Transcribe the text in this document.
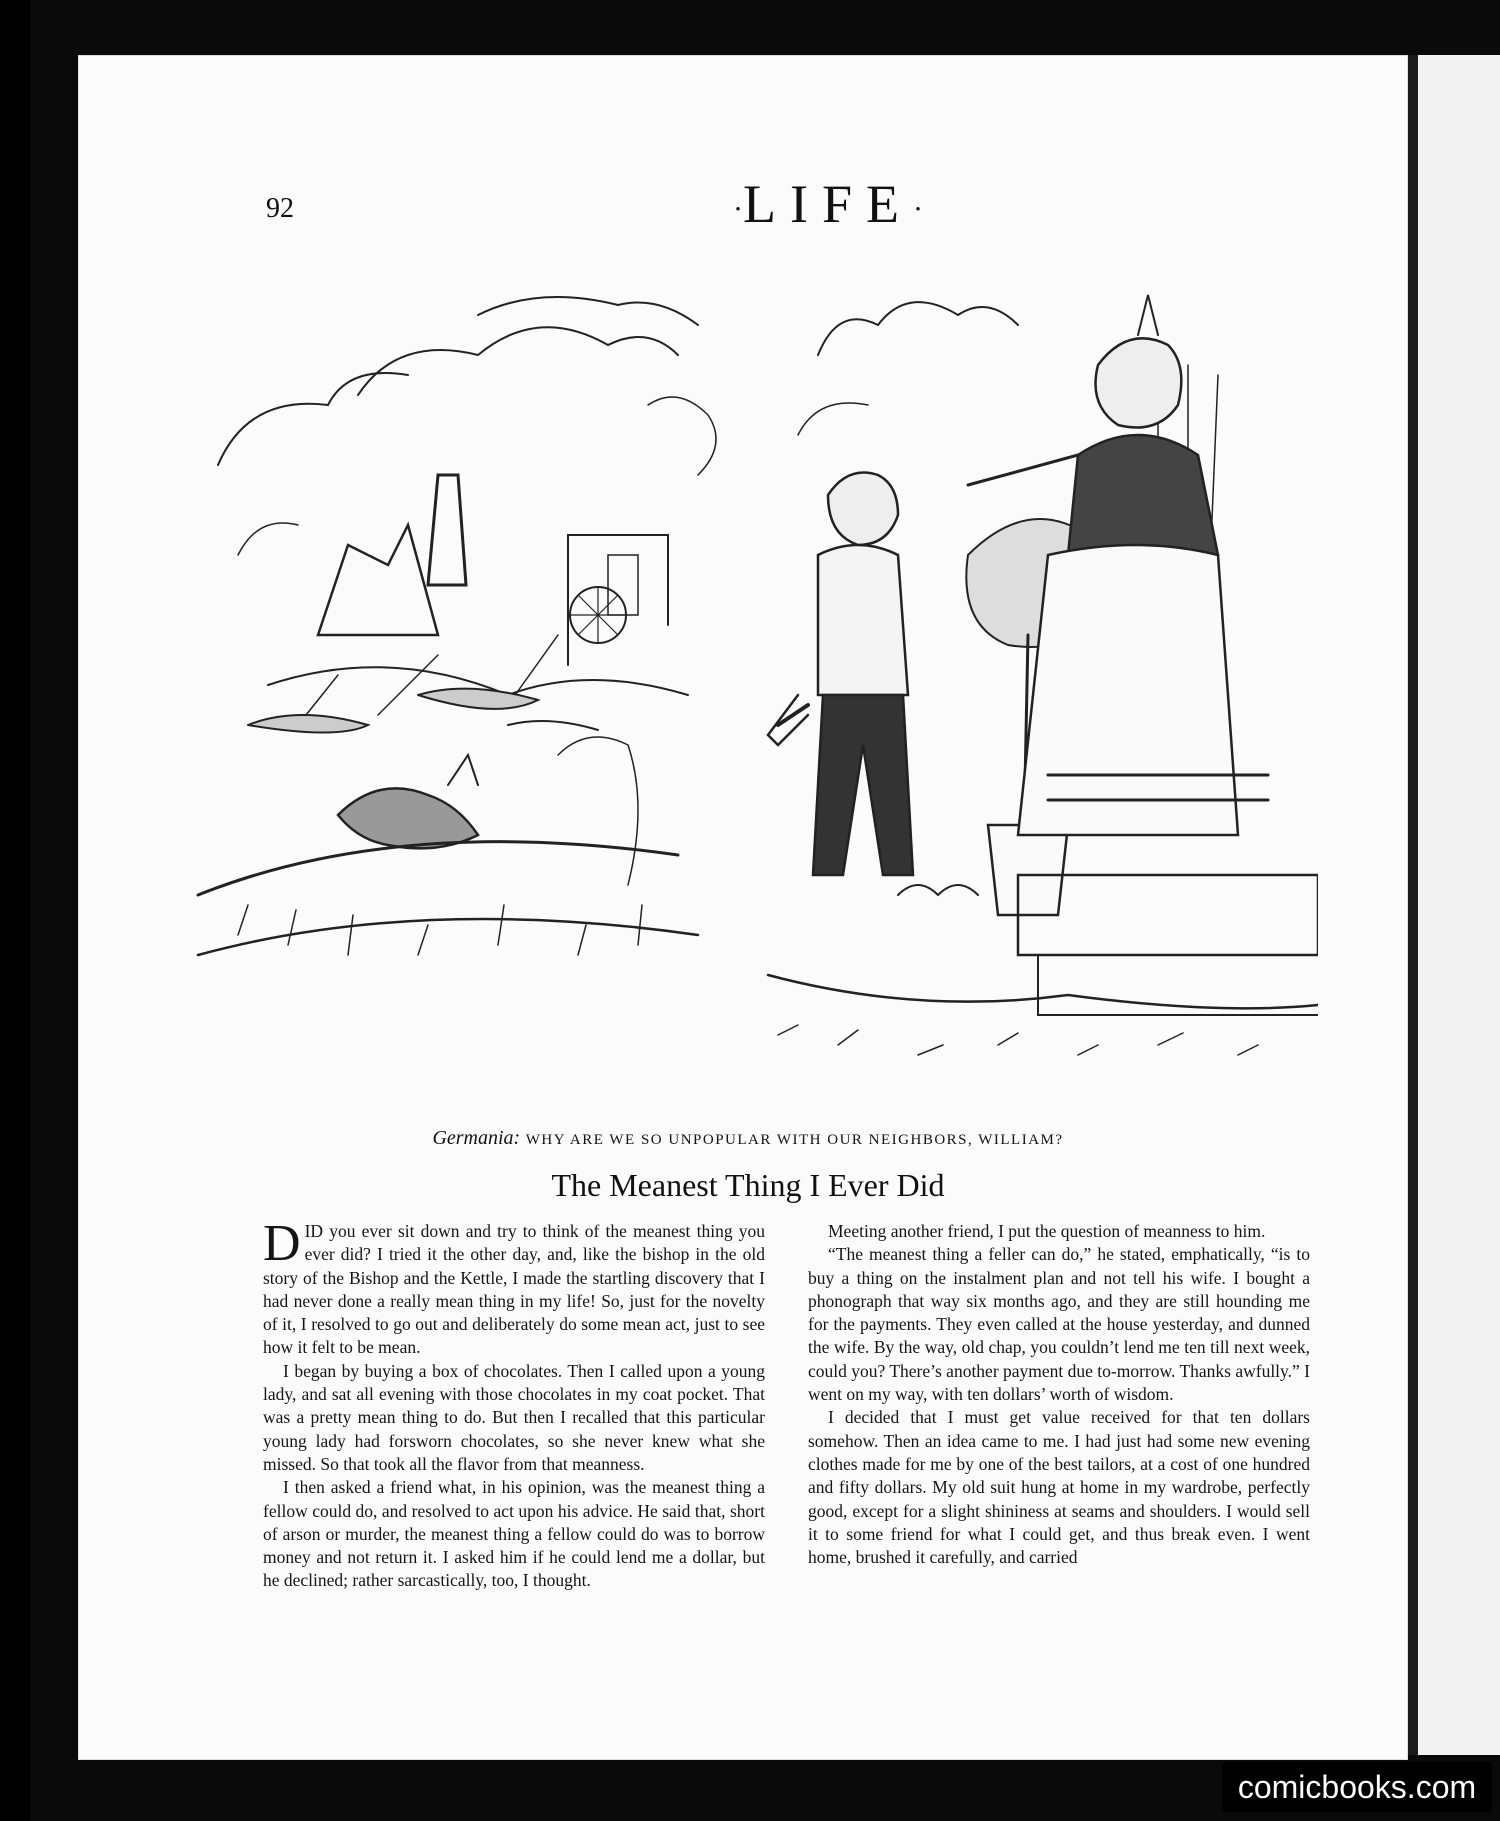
92	·LIFE·
Germania: WHY ARE WE SO UNPOPULAR WITH OUR NEIGHBORS, WILLIAM?
The Meanest Thing I Ever Did

DID you ever sit down and try to think of the meanest thing you ever did? I tried it the other day, and, like the bishop in the old story of the Bishop and the Kettle, I made the startling discovery that I had never done a really mean thing in my life! So, just for the novelty of it, I resolved to go out and deliberately do some mean act, just to see how it felt to be mean.

I began by buying a box of chocolates. Then I called upon a young lady, and sat all evening with those chocolates in my coat pocket. That was a pretty mean thing to do. But then I recalled that this particular young lady had forsworn chocolates, so she never knew what she missed. So that took all the flavor from that meanness.

I then asked a friend what, in his opinion, was the meanest thing a fellow could do, and resolved to act upon his advice. He said that, short of arson or murder, the meanest thing a fellow could do was to borrow money and not return it. I asked him if he could lend me a dollar, but he declined; rather sarcastically, too, I thought.

Meeting another friend, I put the question of meanness to him.

“The meanest thing a feller can do,” he stated, emphatically, “is to buy a thing on the instalment plan and not tell his wife. I bought a phonograph that way six months ago, and they are still hounding me for the payments. They even called at the house yesterday, and dunned the wife. By the way, old chap, you couldn’t lend me ten till next week, could you? There’s another payment due to-morrow. Thanks awfully.” I went on my way, with ten dollars’ worth of wisdom.

I decided that I must get value received for that ten dollars somehow. Then an idea came to me. I had just had some new evening clothes made for me by one of the best tailors, at a cost of one hundred and fifty dollars. My old suit hung at home in my wardrobe, perfectly good, except for a slight shininess at seams and shoulders. I would sell it to some friend for what I could get, and thus break even. I went home, brushed it carefully, and carried

comicbooks.com
